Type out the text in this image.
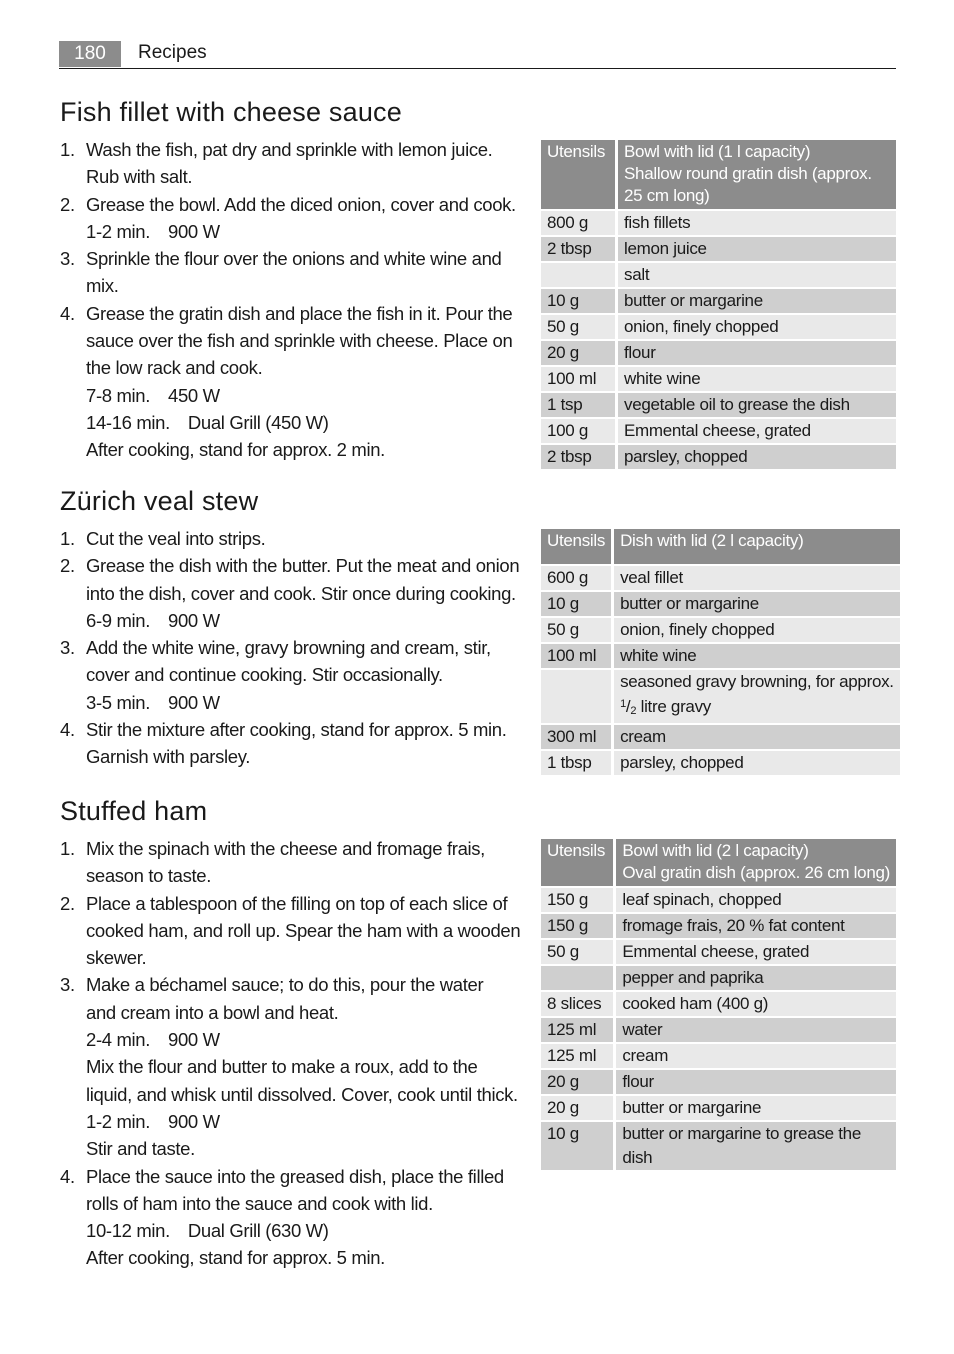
180	Recipes
Fish fillet with cheese sauce
1. Wash the fish, pat dry and sprinkle with lemon juice.
Rub with salt.
2. Grease the bowl. Add the diced onion, cover and cook.
1-2 min. 900 W
3. Sprinkle the flour over the onions and white wine and
mix.
4. Grease the gratin dish and place the fish in it. Pour the
sauce over the fish and sprinkle with cheese. Place on
the low rack and cook.
7-8 min. 450 W
14-16 min. Dual Grill (450 W)
After cooking, stand for approx. 2 min.
Utensils	Bowl with lid (1 l capacity)
Shallow round gratin dish (approx.
25 cm long)

800 g	fish fillets
2 tbsp	lemon juice
	salt
10 g	butter or margarine
50 g	onion, finely chopped
20 g	flour
100 ml	white wine
1 tsp	vegetable oil to grease the dish
100 g	Emmental cheese, grated
2 tbsp	parsley, chopped
Zürich veal stew
1. Cut the veal into strips.
2. Grease the dish with the butter. Put the meat and onion
into the dish, cover and cook. Stir once during cooking.
6-9 min. 900 W
3. Add the white wine, gravy browning and cream, stir,
cover and continue cooking. Stir occasionally.
3-5 min. 900 W
4. Stir the mixture after cooking, stand for approx. 5 min.
Garnish with parsley.
Utensils	Dish with lid (2 l capacity)

600 g	veal fillet
10 g	butter or margarine
50 g	onion, finely chopped
100 ml	white wine

	seasoned gravy browning, for approx.
$^1/_2$ litre gravy

300 ml	cream
1 tbsp	parsley, chopped
Stuffed ham
1. Mix the spinach with the cheese and fromage frais,
season to taste.
2. Place a tablespoon of the filling on top of each slice of
cooked ham, and roll up. Spear the ham with a wooden
skewer.
3. Make a béchamel sauce; to do this, pour the water
and cream into a bowl and heat.
2-4 min. 900 W
Mix the flour and butter to make a roux, add to the
liquid, and whisk until dissolved. Cover, cook until thick.
1-2 min. 900 W
Stir and taste.
4. Place the sauce into the greased dish, place the filled
rolls of ham into the sauce and cook with lid.
10-12 min. Dual Grill (630 W)
After cooking, stand for approx. 5 min.
Utensils	Bowl with lid (2 l capacity)
Oval gratin dish (approx. 26 cm long)

150 g	leaf spinach, chopped
150 g	fromage frais, 20 % fat content
50 g	Emmental cheese, grated
	pepper and paprika
8 slices	cooked ham (400 g)
125 ml	water
125 ml	cream
20 g	flour
20 g	butter or margarine
10 g	butter or margarine to grease the dish
